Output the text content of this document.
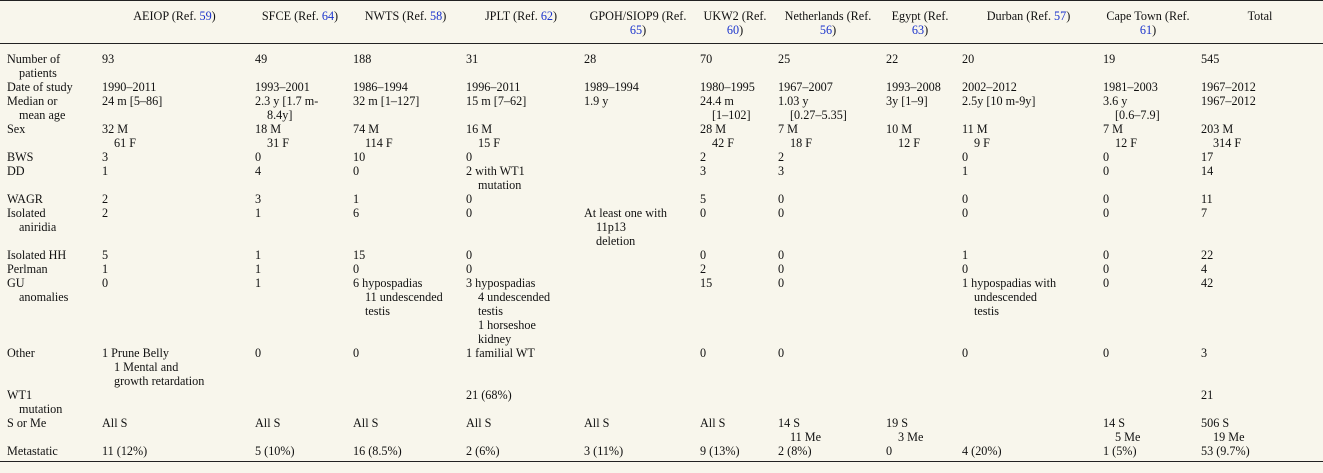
	AEIOP (Ref. 59)	SFCE (Ref. 64)	NWTS (Ref. 58)	JPLT (Ref. 62)	GPOH/SIOP9 (Ref. 65)	UKW2 (Ref. 60)	Netherlands (Ref. 56)	Egypt (Ref. 63)	Durban (Ref. 57)	Cape Town (Ref. 61)	Total

Number of
patients	93	49	188	31	28	70	25	22	20	19	545

Date of study	1990–2011	1993–2001	1986–1994	1996–2011	1989–1994	1980–1995	1967–2007	1993–2008	2002–2012	1981–2003	1967–2012

Median or
mean age	24 m [5–86]	2.3 y [1.7 m-
8.4y]	32 m [1–127]	15 m [7–62]	1.9 y	24.4 m
[1–102]	1.03 y
[0.27–5.35]	3y [1–9]	2.5y [10 m-9y]	3.6 y
[0.6–7.9]	1967–2012

Sex	32 M
61 F	18 M
31 F	74 M
114 F	16 M
15 F		28 M
42 F	7 M
18 F	10 M
12 F	11 M
9 F	7 M
12 F	203 M
314 F

BWS	3	0	10	0		2	2		0	0	17

DD	1	4	0	2 with WT1
mutation		3	3		1	0	14

WAGR	2	3	1	0		5	0		0	0	11

Isolated
aniridia	2	1	6	0	At least one with
11p13
deletion	0	0		0	0	7

Isolated HH	5	1	15	0		0	0		1	0	22

Perlman	1	1	0	0		2	0		0	0	4

GU
anomalies	0	1	6 hypospadias
11 undescended
testis	3 hypospadias
4 undescended
testis
1 horseshoe
kidney		15	0		1 hypospadias with
undescended
testis	0	42

Other	1 Prune Belly
1 Mental and
growth retardation	0	0	1 familial WT		0	0		0	0	3

WT1
mutation				21 (68%)							21

S or Me	All S	All S	All S	All S	All S	All S	14 S
11 Me	19 S
3 Me		14 S
5 Me	506 S
19 Me

Metastatic	11 (12%)	5 (10%)	16 (8.5%)	2 (6%)	3 (11%)	9 (13%)	2 (8%)	0	4 (20%)	1 (5%)	53 (9.7%)
